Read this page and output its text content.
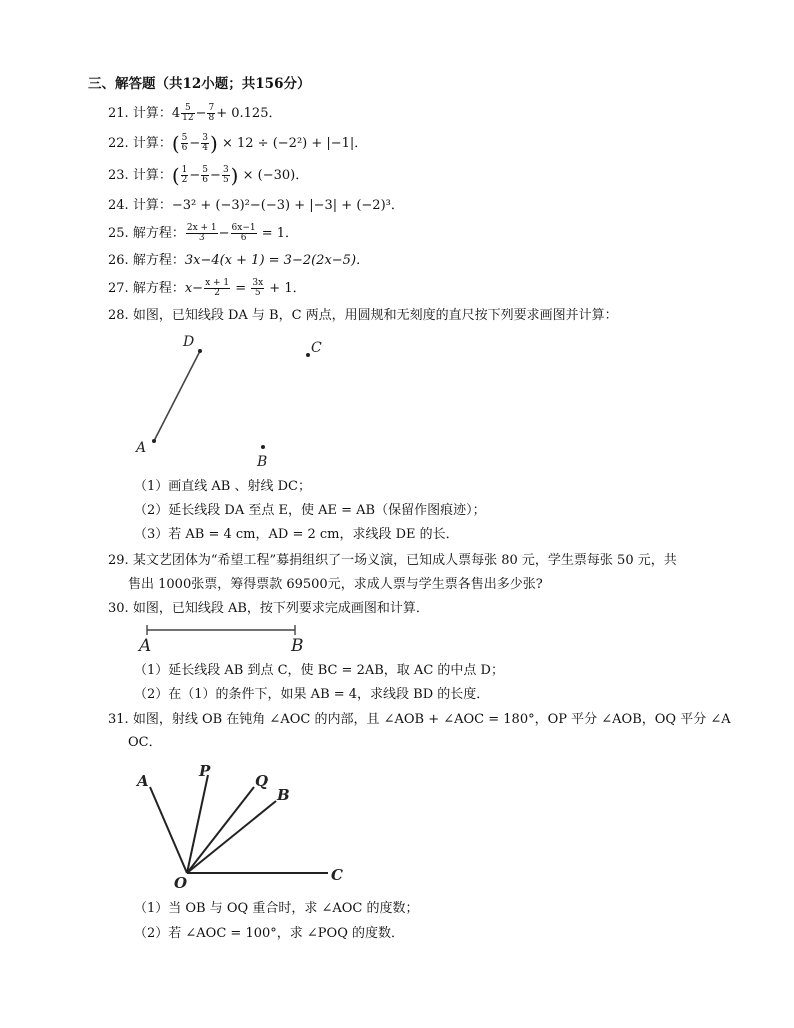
三、解答题（共12小题；共156分）
21. 计算：$4 \frac{5}{12} - \frac{7}{8} + 0.125$．
22. 计算：( $\frac{5}{6} - \frac{3}{4}$ ) × 12 ÷ (−2²) + |−1|．
23. 计算：( $\frac{1}{2} - \frac{5}{6} - \frac{3}{5}$ ) × (−30)．
24. 计算：−3² + (−3)²−(−3) + |−3| + (−2)³．
25. 解方程： $\frac{2x + 1}{3} - \frac{6x-1}{6} = 1$．
26. 解方程：3x−4(x + 1) = 3−2(2x−5)．
27. 解方程：$x- \frac{x + 1}{2} = \frac{3x}{5} + 1$．
28. 如图，已知线段 DA 与 B，C 两点，用圆规和无刻度的直尺按下列要求画图并计算：
D
A
B
C
（1）画直线 AB 、射线 DC；
（2）延长线段 DA 至点 E，使 AE = AB（保留作图痕迹）；
（3）若 AB = 4 cm，AD = 2 cm，求线段 DE 的长．
29. 某文艺团体为“希望工程”募捐组织了一场义演，已知成人票每张 80 元，学生票每张 50 元，共
售出 1000张票，筹得票款 69500元，求成人票与学生票各售出多少张?
30. 如图，已知线段 AB，按下列要求完成画图和计算．
A	B
（1）延长线段 AB 到点 C，使 BC = 2AB，取 AC 的中点 D；
（2）在（1）的条件下，如果 AB = 4，求线段 BD 的长度．
31. 如图，射线 OB 在钝角 ∠AOC 的内部，且 ∠AOB + ∠AOC = 180°，OP 平分 ∠AOB，OQ 平分 ∠A
OC．
A
P
Q
B
O	C
（1）当 OB 与 OQ 重合时，求 ∠AOC 的度数；
（2）若 ∠AOC = 100°，求 ∠POQ 的度数．
